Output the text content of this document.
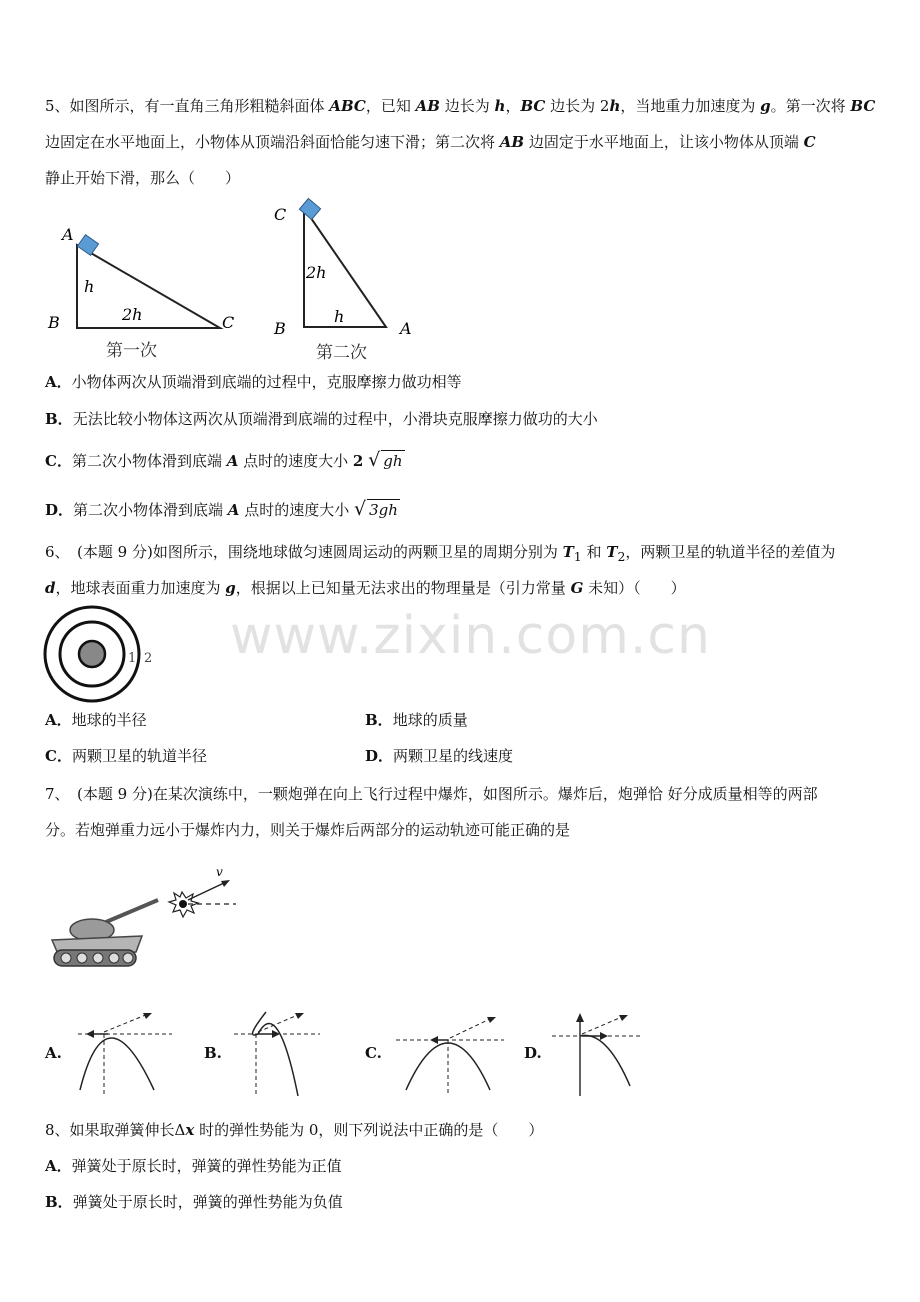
5、如图所示，有一直角三角形粗糙斜面体 ABC，已知 AB 边长为 h，BC 边长为 2h，当地重力加速度为 g。第一次将 BC
边固定在水平地面上，小物体从顶端沿斜面恰能匀速下滑；第二次将 AB 边固定于水平地面上，让该小物体从顶端 C
静止开始下滑，那么（　　）
A
B	C
h
2h
第一次
C
B	A
2h
h
第二次
A．小物体两次从顶端滑到底端的过程中，克服摩擦力做功相等
B．无法比较小物体这两次从顶端滑到底端的过程中，小滑块克服摩擦力做功的大小
C．第二次小物体滑到底端 A 点时的速度大小 2 √ gh
D．第二次小物体滑到底端 A 点时的速度大小 √ 3gh
6、　(本题 9 分)如图所示，围绕地球做匀速圆周运动的两颗卫星的周期分别为 $T_1$ 和 $T_2$，两颗卫星的轨道半径的差值为
d，地球表面重力加速度为 g，根据以上已知量无法求出的物理量是（引力常量 G 未知）（　　）
1 2 www.zixin.com.cn
A．地球的半径	B．地球的质量
C．两颗卫星的轨道半径	D．两颗卫星的线速度
7、　(本题 9 分)在某次演练中，一颗炮弹在向上飞行过程中爆炸，如图所示。爆炸后，炮弹恰 好分成质量相等的两部
分。若炮弹重力远小于爆炸内力，则关于爆炸后两部分的运动轨迹可能正确的是
v
A.	B.	C.	D.
8、如果取弹簧伸长Δx 时的弹性势能为 0，则下列说法中正确的是（　　）
A．弹簧处于原长时，弹簧的弹性势能为正值
B．弹簧处于原长时，弹簧的弹性势能为负值
